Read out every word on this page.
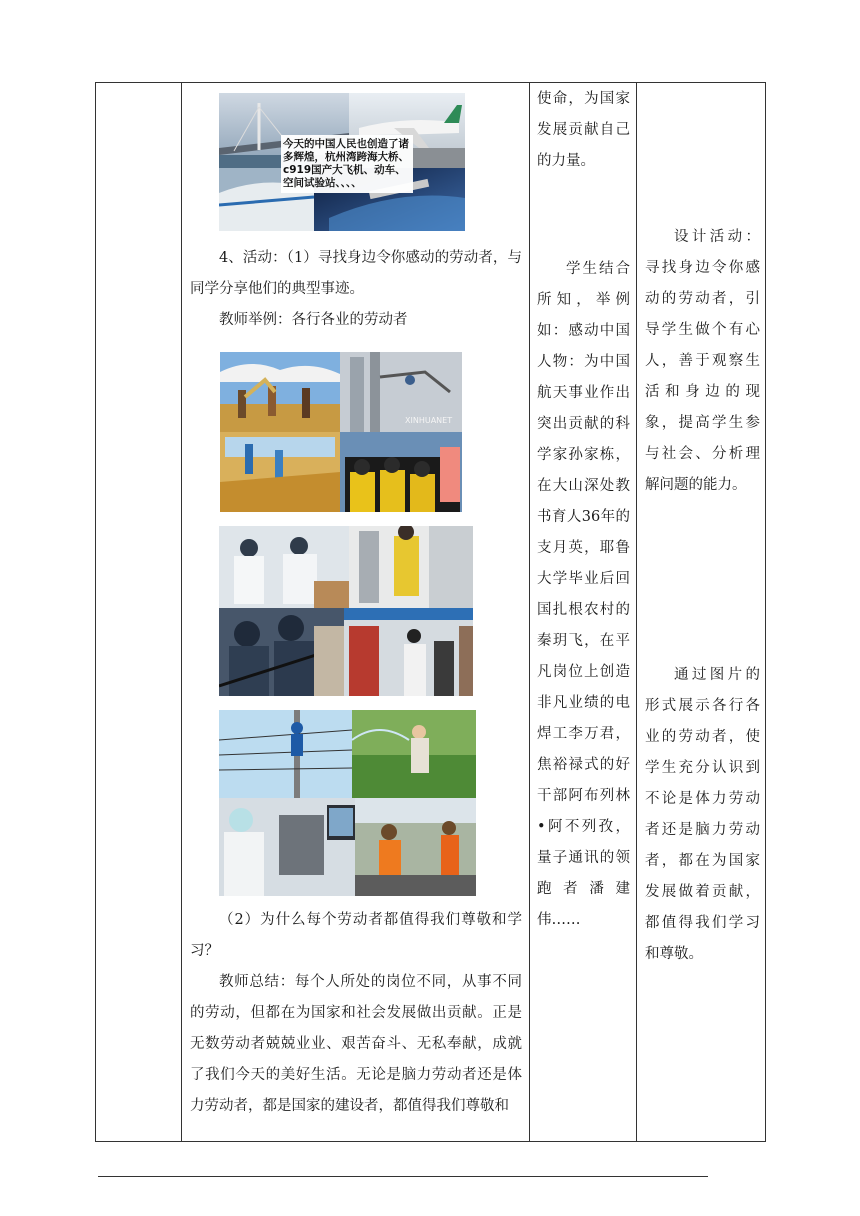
今天的中国人民也创造了诸多辉煌，杭州湾跨海大桥、c919国产大飞机、动车、空间试验站、、、、

4、活动：（1）寻找身边令你感动的劳动者，与同学分享他们的典型事迹。

教师举例：各行各业的劳动者

XINHUANET

（2）为什么每个劳动者都值得我们尊敬和学习？

教师总结：每个人所处的岗位不同，从事不同的劳动，但都在为国家和社会发展做出贡献。正是无数劳动者兢兢业业、艰苦奋斗、无私奉献，成就了我们今天的美好生活。无论是脑力劳动者还是体力劳动者，都是国家的建设者，都值得我们尊敬和

使命，为国家发展贡献自己的力量。
学生结合所知，举例如：感动中国人物：为中国航天事业作出突出贡献的科学家孙家栋，在大山深处教书育人36年的支月英，耶鲁大学毕业后回国扎根农村的秦玥飞，在平凡岗位上创造非凡业绩的电焊工李万君，焦裕禄式的好干部阿布列林•阿不列孜，量子通讯的领跑者潘建伟……
设计活动：寻找身边令你感动的劳动者，引导学生做个有心人，善于观察生活和身边的现象，提高学生参与社会、分析理解问题的能力。
通过图片的形式展示各行各业的劳动者，使学生充分认识到不论是体力劳动者还是脑力劳动者，都在为国家发展做着贡献，都值得我们学习和尊敬。
